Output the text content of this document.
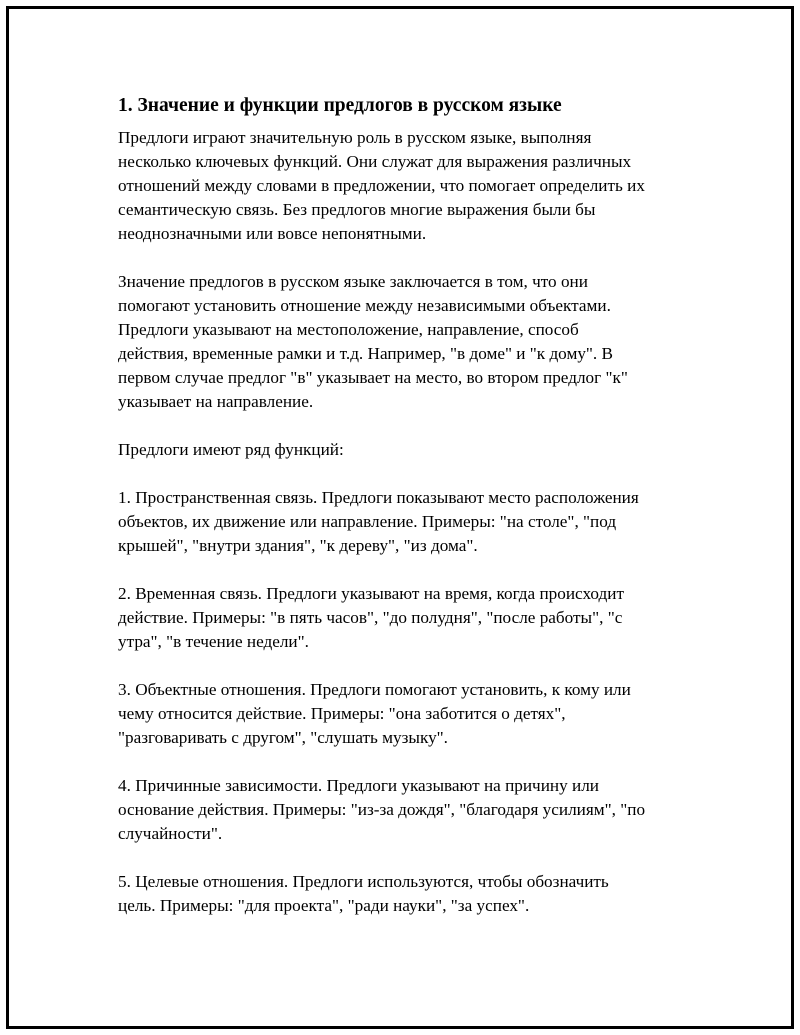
1. Значение и функции предлогов в русском языке
Предлоги играют значительную роль в русском языке, выполняя
несколько ключевых функций. Они служат для выражения различных
отношений между словами в предложении, что помогает определить их
семантическую связь. Без предлогов многие выражения были бы
неоднозначными или вовсе непонятными.
Значение предлогов в русском языке заключается в том, что они
помогают установить отношение между независимыми объектами.
Предлоги указывают на местоположение, направление, способ
действия, временные рамки и т.д. Например, "в доме" и "к дому". В
первом случае предлог "в" указывает на место, во втором предлог "к"
указывает на направление.
Предлоги имеют ряд функций:
1. Пространственная связь. Предлоги показывают место расположения
объектов, их движение или направление. Примеры: "на столе", "под
крышей", "внутри здания", "к дереву", "из дома".
2. Временная связь. Предлоги указывают на время, когда происходит
действие. Примеры: "в пять часов", "до полудня", "после работы", "с
утра", "в течение недели".
3. Объектные отношения. Предлоги помогают установить, к кому или
чему относится действие. Примеры: "она заботится о детях",
"разговаривать с другом", "слушать музыку".
4. Причинные зависимости. Предлоги указывают на причину или
основание действия. Примеры: "из-за дождя", "благодаря усилиям", "по
случайности".
5. Целевые отношения. Предлоги используются, чтобы обозначить
цель. Примеры: "для проекта", "ради науки", "за успех".
